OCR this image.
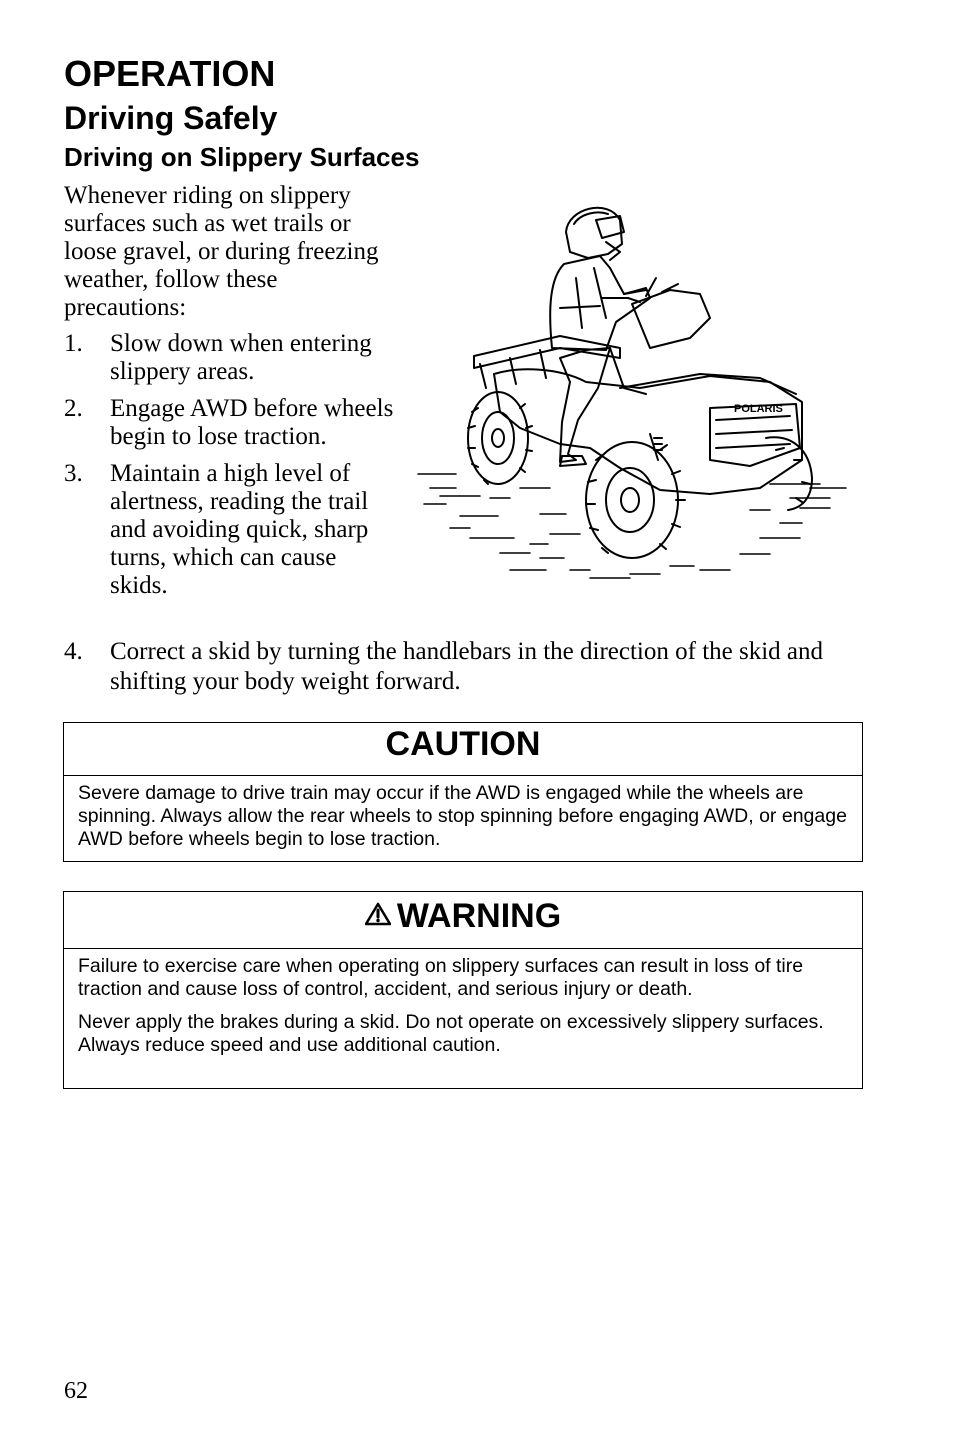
OPERATION
Driving Safely
Driving on Slippery Surfaces

Whenever riding on slippery surfaces such as wet trails or loose gravel, or during freezing weather, follow these precautions:

1. Slow down when entering slippery areas.
2. Engage AWD before wheels begin to lose traction.
3. Maintain a high level of alertness, reading the trail and avoiding quick, sharp turns, which can cause skids.

4. Correct a skid by turning the handlebars in the direction of the skid and shifting your body weight forward.

POLARIS
CAUTION

Severe damage to drive train may occur if the AWD is engaged while the wheels are spinning. Always allow the rear wheels to stop spinning before engaging AWD, or engage AWD before wheels begin to lose traction.

WARNING

Failure to exercise care when operating on slippery surfaces can result in loss of tire traction and cause loss of control, accident, and serious injury or death.

Never apply the brakes during a skid. Do not operate on excessively slippery surfaces. Always reduce speed and use additional caution.

62
